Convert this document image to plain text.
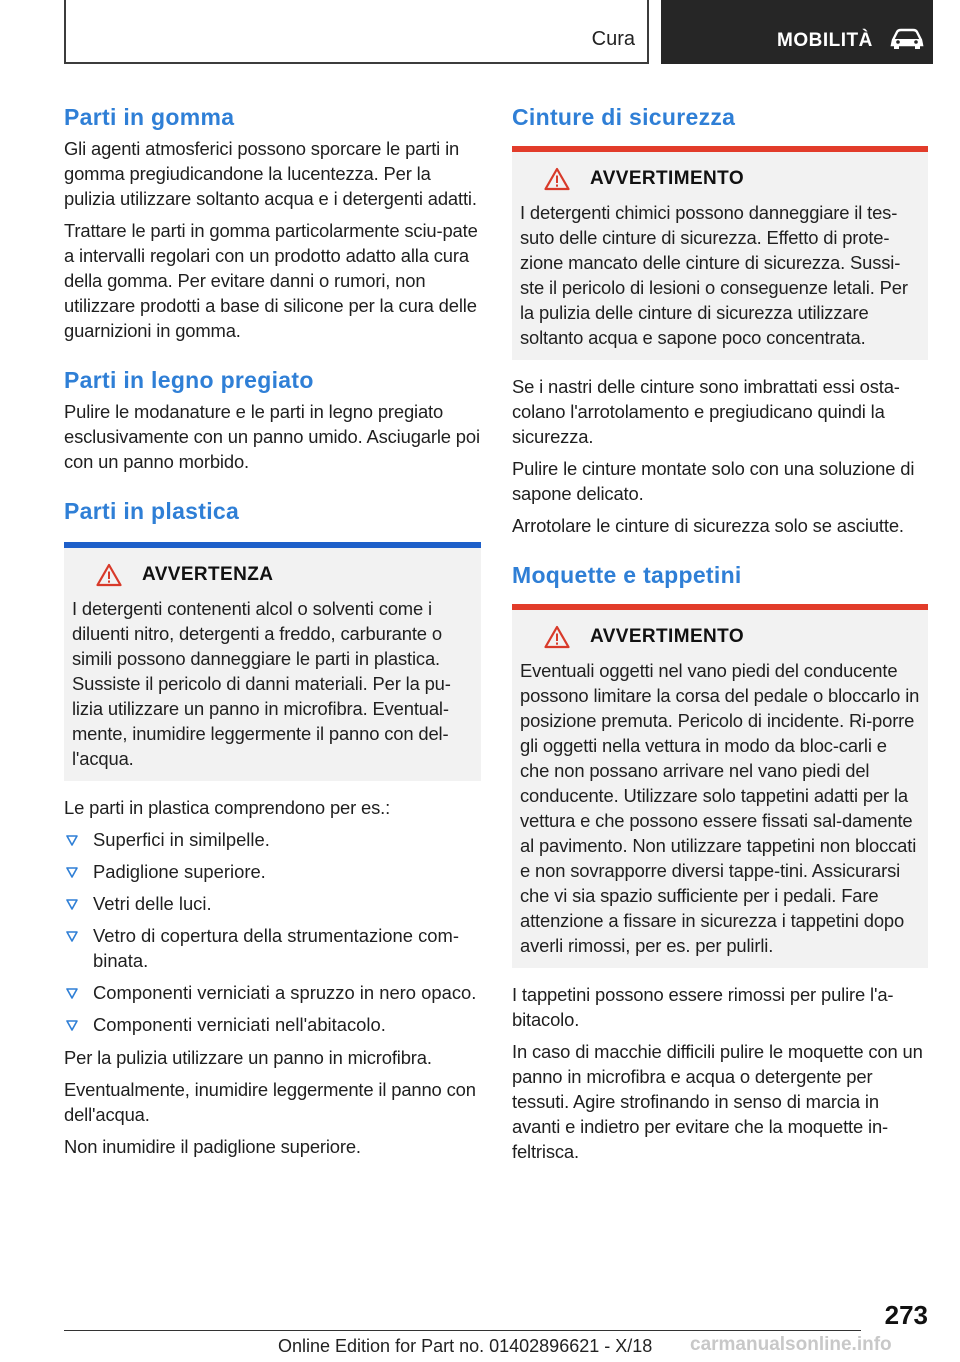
Cura	MOBILITÀ
Parti in gomma

Gli agenti atmosferici possono sporcare le parti in gomma pregiudicandone la lucentezza. Per la pulizia utilizzare soltanto acqua e i detergenti adatti.

Trattare le parti in gomma particolarmente sciu-pate a intervalli regolari con un prodotto adatto alla cura della gomma. Per evitare danni o rumori, non utilizzare prodotti a base di silicone per la cura delle guarnizioni in gomma.

Parti in legno pregiato

Pulire le modanature e le parti in legno pregiato esclusivamente con un panno umido. Asciugarle poi con un panno morbido.

Parti in plastica
AVVERTENZA

I detergenti contenenti alcol o solventi come i diluenti nitro, detergenti a freddo, carburante o simili possono danneggiare le parti in plastica. Sussiste il pericolo di danni materiali. Per la pu-lizia utilizzare un panno in microfibra. Eventual-mente, inumidire leggermente il panno con del-l'acqua.

Le parti in plastica comprendono per es.:

Superfici in similpelle.
Padiglione superiore.
Vetri delle luci.
Vetro di copertura della strumentazione com-binata.
Componenti verniciati a spruzzo in nero opaco.
Componenti verniciati nell'abitacolo.

Per la pulizia utilizzare un panno in microfibra.

Eventualmente, inumidire leggermente il panno con dell'acqua.

Non inumidire il padiglione superiore.

Cinture di sicurezza
AVVERTIMENTO

I detergenti chimici possono danneggiare il tes-suto delle cinture di sicurezza. Effetto di prote-zione mancato delle cinture di sicurezza. Sussi-ste il pericolo di lesioni o conseguenze letali. Per la pulizia delle cinture di sicurezza utilizzare soltanto acqua e sapone poco concentrata.

Se i nastri delle cinture sono imbrattati essi osta-colano l'arrotolamento e pregiudicano quindi la sicurezza.

Pulire le cinture montate solo con una soluzione di sapone delicato.

Arrotolare le cinture di sicurezza solo se asciutte.

Moquette e tappetini
AVVERTIMENTO

Eventuali oggetti nel vano piedi del conducente possono limitare la corsa del pedale o bloccarlo in posizione premuta. Pericolo di incidente. Ri-porre gli oggetti nella vettura in modo da bloc-carli e che non possano arrivare nel vano piedi del conducente. Utilizzare solo tappetini adatti per la vettura e che possono essere fissati sal-damente al pavimento. Non utilizzare tappetini non bloccati e non sovrapporre diversi tappe-tini. Assicurarsi che vi sia spazio sufficiente per i pedali. Fare attenzione a fissare in sicurezza i tappetini dopo averli rimossi, per es. per pulirli.

I tappetini possono essere rimossi per pulire l'a-bitacolo.

In caso di macchie difficili pulire le moquette con un panno in microfibra e acqua o detergente per tessuti. Agire strofinando in senso di marcia in avanti e indietro per evitare che la moquette in-feltrisca.

273
Online Edition for Part no. 01402896621 - X/18 carmanualsonline.info
